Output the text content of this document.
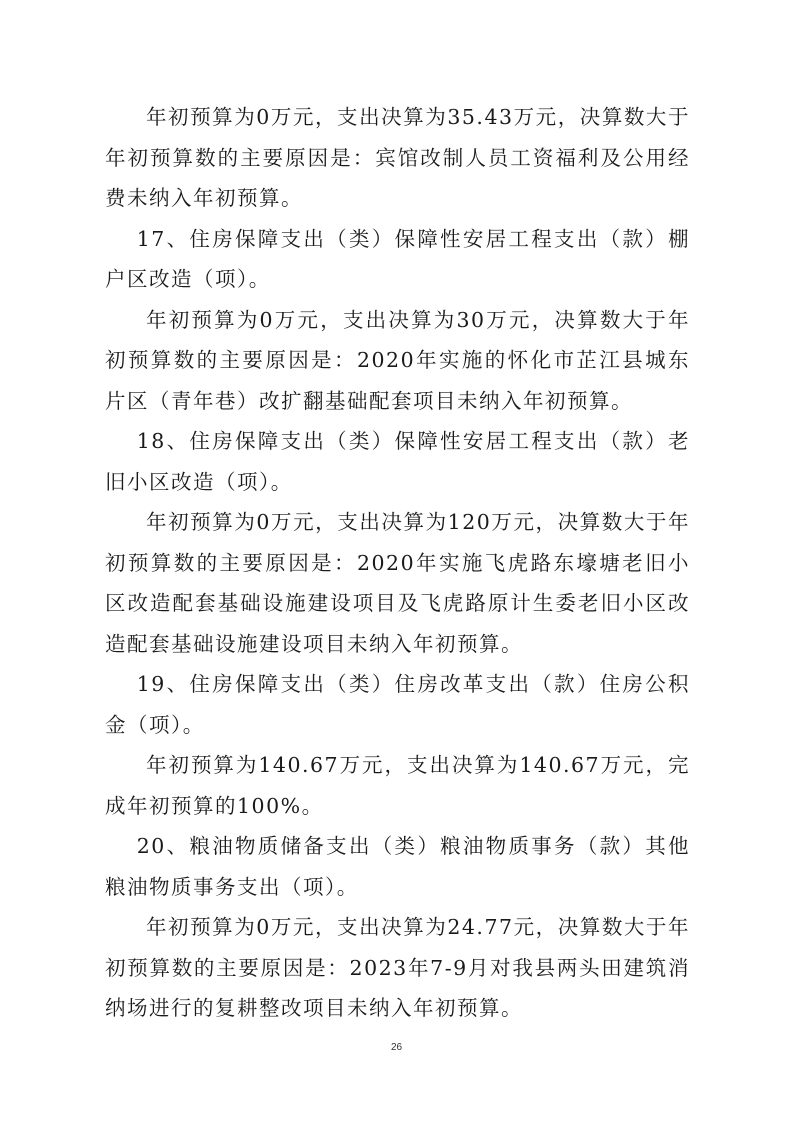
年初预算为0万元，支出决算为35.43万元，决算数大于年初预算数的主要原因是：宾馆改制人员工资福利及公用经费未纳入年初预算。

17、住房保障支出（类）保障性安居工程支出（款）棚户区改造（项）。

年初预算为0万元，支出决算为30万元，决算数大于年初预算数的主要原因是：2020年实施的怀化市芷江县城东片区（青年巷）改扩翻基础配套项目未纳入年初预算。

18、住房保障支出（类）保障性安居工程支出（款）老旧小区改造（项）。

年初预算为0万元，支出决算为120万元，决算数大于年初预算数的主要原因是：2020年实施飞虎路东壕塘老旧小区改造配套基础设施建设项目及飞虎路原计生委老旧小区改造配套基础设施建设项目未纳入年初预算。

19、住房保障支出（类）住房改革支出（款）住房公积金（项）。

年初预算为140.67万元，支出决算为140.67万元，完成年初预算的100%。

20、粮油物质储备支出（类）粮油物质事务（款）其他粮油物质事务支出（项）。

年初预算为0万元，支出决算为24.77元，决算数大于年初预算数的主要原因是：2023年7-9月对我县两头田建筑消纳场进行的复耕整改项目未纳入年初预算。

26
